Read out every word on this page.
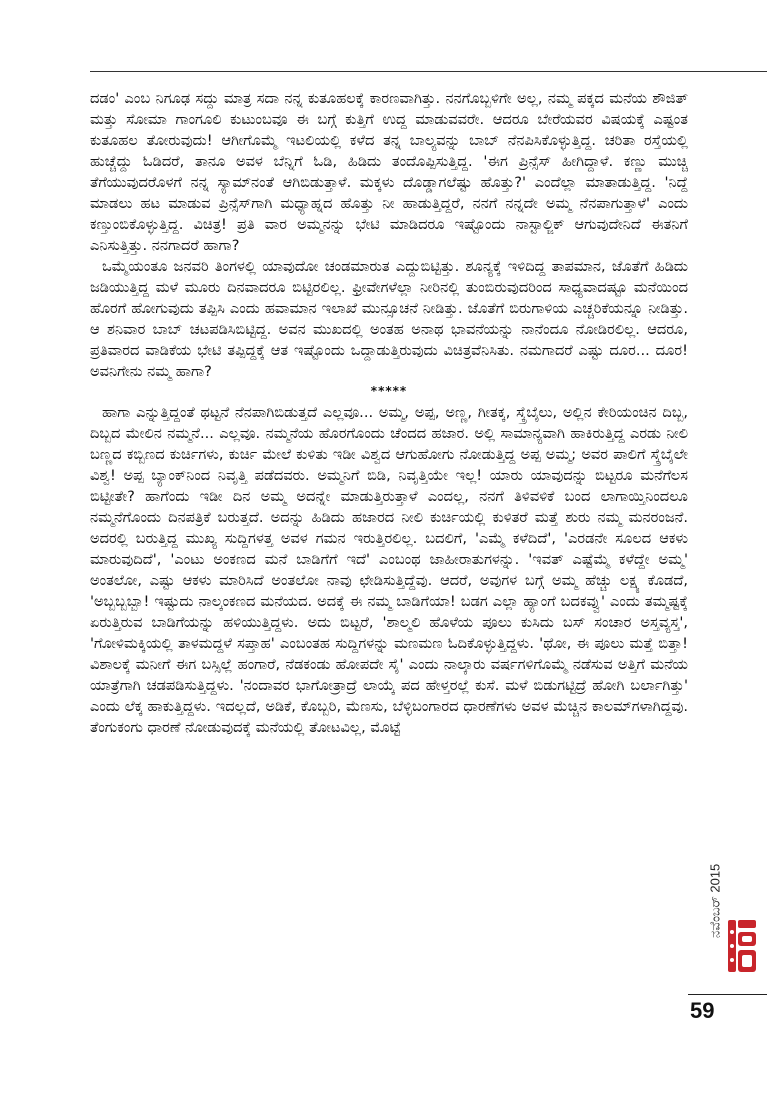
ದಡಂ' ಎಂಬ ನಿಗೂಢ ಸದ್ದು ಮಾತ್ರ ಸದಾ ನನ್ನ ಕುತೂಹಲಕ್ಕೆ ಕಾರಣವಾಗಿತ್ತು. ನನಗೊಬ್ಬಳಿಗೇ ಅಲ್ಲ, ನಮ್ಮ ಪಕ್ಕದ ಮನೆಯ ಶೌಜಿತ್ ಮತ್ತು ಸೋಮಾ ಗಾಂಗೂಲಿ ಕುಟುಂಬವೂ ಈ ಬಗ್ಗೆ ಕುತ್ತಿಗೆ ಉದ್ದ ಮಾಡುವವರೇ. ಆದರೂ ಬೇರೆಯವರ ವಿಷಯಕ್ಕೆ ಎಷ್ಟಂತ ಕುತೂಹಲ ತೋರುವುದು! ಆಗೀಗೊಮ್ಮೆ ಇಟಲಿಯಲ್ಲಿ ಕಳೆದ ತನ್ನ ಬಾಲ್ಯವನ್ನು ಬಾಬ್ ನೆನಪಿಸಿಕೊಳ್ಳುತ್ತಿದ್ದ. ಚರಿತಾ ರಸ್ತೆಯಲ್ಲಿ ಹುಚ್ಚೆದ್ದು ಓಡಿದರೆ, ತಾನೂ ಅವಳ ಬೆನ್ನಿಗೆ ಓಡಿ, ಹಿಡಿದು ತಂದೊಪ್ಪಿಸುತ್ತಿದ್ದ. 'ಈಗ ಪ್ರಿನ್ಸೆಸ್ ಹೀಗಿದ್ದಾಳೆ. ಕಣ್ಣು ಮುಚ್ಚಿ ತೆಗೆಯುವುದರೊಳಗೆ ನನ್ನ ಸ್ಯಾಮ್‌ನಂತೆ ಆಗಿಬಿಡುತ್ತಾಳೆ. ಮಕ್ಕಳು ದೊಡ್ಡಾಗಲೆಷ್ಟು ಹೊತ್ತು?' ಎಂದೆಲ್ಲಾ ಮಾತಾಡುತ್ತಿದ್ದ. 'ನಿದ್ದೆ ಮಾಡಲು ಹಟ ಮಾಡುವ ಪ್ರಿನ್ಸೆಸ್‌ಗಾಗಿ ಮಧ್ಯಾಹ್ನದ ಹೊತ್ತು ನೀ ಹಾಡುತ್ತಿದ್ದರೆ, ನನಗೆ ನನ್ನದೇ ಅಮ್ಮ ನೆನಪಾಗುತ್ತಾಳೆ' ಎಂದು ಕಣ್ತುಂಬಿಕೊಳ್ಳುತ್ತಿದ್ದ. ವಿಚಿತ್ರ! ಪ್ರತಿ ವಾರ ಅಮ್ಮನನ್ನು ಭೇಟಿ ಮಾಡಿದರೂ ಇಷ್ಟೊಂದು ನಾಸ್ಟಾಲ್ಜಿಕ್ ಆಗುವುದೇನಿದೆ ಈತನಿಗೆ ಎನಿಸುತ್ತಿತ್ತು. ನನಗಾದರೆ ಹಾಗಾ?

ಒಮ್ಮೆಯಂತೂ ಜನವರಿ ತಿಂಗಳಲ್ಲಿ ಯಾವುದೋ ಚಂಡಮಾರುತ ಎದ್ದುಬಿಟ್ಟಿತ್ತು. ಶೂನ್ಯಕ್ಕೆ ಇಳಿದಿದ್ದ ತಾಪಮಾನ, ಜೊತೆಗೆ ಹಿಡಿದು ಜಡಿಯುತ್ತಿದ್ದ ಮಳೆ ಮೂರು ದಿನವಾದರೂ ಬಿಟ್ಟಿರಲಿಲ್ಲ. ಫ್ರೀವೇಗಳೆಲ್ಲಾ ನೀರಿನಲ್ಲಿ ತುಂಬಿರುವುದರಿಂದ ಸಾಧ್ಯವಾದಷ್ಟೂ ಮನೆಯಿಂದ ಹೊರಗೆ ಹೋಗುವುದು ತಪ್ಪಿಸಿ ಎಂದು ಹವಾಮಾನ ಇಲಾಖೆ ಮುನ್ಸೂಚನೆ ನೀಡಿತ್ತು. ಜೊತೆಗೆ ಬಿರುಗಾಳಿಯ ಎಚ್ಚರಿಕೆಯನ್ನೂ ನೀಡಿತ್ತು. ಆ ಶನಿವಾರ ಬಾಬ್ ಚಟಪಡಿಸಿಬಿಟ್ಟಿದ್ದ. ಅವನ ಮುಖದಲ್ಲಿ ಅಂತಹ ಅನಾಥ ಭಾವನೆಯನ್ನು ನಾನೆಂದೂ ನೋಡಿರಲಿಲ್ಲ. ಆದರೂ, ಪ್ರತಿವಾರದ ವಾಡಿಕೆಯ ಭೇಟಿ ತಪ್ಪಿದ್ದಕ್ಕೆ ಆತ ಇಷ್ಟೊಂದು ಒದ್ದಾಡುತ್ತಿರುವುದು ವಿಚಿತ್ರವೆನಿಸಿತು. ನಮಗಾದರೆ ಎಷ್ಟು ದೂರ... ದೂರ! ಅವನಿಗೇನು ನಮ್ಮ ಹಾಗಾ?

*****

ಹಾಗಾ ಎನ್ನುತ್ತಿದ್ದಂತೆ ಥಟ್ಟನೆ ನೆನಪಾಗಿಬಿಡುತ್ತದೆ ಎಲ್ಲವೂ... ಅಮ್ಮ, ಅಪ್ಪ, ಅಣ್ಣ, ಗೀತಕ್ಕ, ಸ್ಕ್ರೆಬೈಲು, ಅಲ್ಲಿನ ಕೇರಿಯಂಚಿನ ದಿಬ್ಬ, ದಿಬ್ಬದ ಮೇಲಿನ ನಮ್ಮನೆ... ಎಲ್ಲವೂ. ನಮ್ಮನೆಯ ಹೊರಗೊಂದು ಚೆಂದದ ಹಜಾರ. ಅಲ್ಲಿ ಸಾಮಾನ್ಯವಾಗಿ ಹಾಕಿರುತ್ತಿದ್ದ ಎರಡು ನೀಲಿ ಬಣ್ಣದ ಕಬ್ಬಿಣದ ಕುರ್ಚಿಗಳು, ಕುರ್ಚಿ ಮೇಲೆ ಕುಳಿತು ಇಡೀ ವಿಶ್ವದ ಆಗುಹೋಗು ನೋಡುತ್ತಿದ್ದ ಅಪ್ಪ ಅಮ್ಮ; ಅವರ ಪಾಲಿಗೆ ಸ್ಕ್ರೆಬೈಲೇ ವಿಶ್ವ! ಅಪ್ಪ ಬ್ಯಾಂಕ್‌ನಿಂದ ನಿವೃತ್ತಿ ಪಡೆದವರು. ಅಮ್ಮನಿಗೆ ಬಿಡಿ, ನಿವೃತ್ತಿಯೇ ಇಲ್ಲ! ಯಾರು ಯಾವುದನ್ನು ಬಿಟ್ಟರೂ ಮನೆಗೆಲಸ ಬಿಟ್ಟೀತೇ? ಹಾಗೆಂದು ಇಡೀ ದಿನ ಅಮ್ಮ ಅದನ್ನೇ ಮಾಡುತ್ತಿರುತ್ತಾಳೆ ಎಂದಲ್ಲ, ನನಗೆ ತಿಳಿವಳಿಕೆ ಬಂದ ಲಾಗಾಯ್ತಿನಿಂದಲೂ ನಮ್ಮನೆಗೊಂದು ದಿನಪತ್ರಿಕೆ ಬರುತ್ತದೆ. ಅದನ್ನು ಹಿಡಿದು ಹಜಾರದ ನೀಲಿ ಕುರ್ಚಿಯಲ್ಲಿ ಕುಳಿತರೆ ಮತ್ತೆ ಶುರು ನಮ್ಮ ಮನರಂಜನೆ. ಅದರಲ್ಲಿ ಬರುತ್ತಿದ್ದ ಮುಖ್ಯ ಸುದ್ದಿಗಳತ್ತ ಅವಳ ಗಮನ ಇರುತ್ತಿರಲಿಲ್ಲ. ಬದಲಿಗೆ, 'ಎಮ್ಮೆ ಕಳೆದಿದೆ', 'ಎರಡನೇ ಸೂಲದ ಆಕಳು ಮಾರುವುದಿದೆ', 'ಎಂಟು ಅಂಕಣದ ಮನೆ ಬಾಡಿಗೆಗೆ ಇದೆ' ಎಂಬಂಥ ಜಾಹೀರಾತುಗಳನ್ನು. 'ಇವತ್ ಎಷ್ಟೆಮ್ಮೆ ಕಳೆದ್ದೇ ಅಮ್ಮ' ಅಂತಲೋ, ಎಷ್ಟು ಆಕಳು ಮಾರಿಸಿದೆ ಅಂತಲೋ ನಾವು ಛೇಡಿಸುತ್ತಿದ್ದೆವು. ಆದರೆ, ಅವುಗಳ ಬಗ್ಗೆ ಅಮ್ಮ ಹೆಚ್ಚು ಲಕ್ಷ್ಯ ಕೊಡದೆ, 'ಅಬ್ಬಬ್ಬಬ್ಬಾ! ಇಷ್ಟುದು ನಾಲ್ಕಂಕಣದ ಮನೆಯದ. ಅದಕ್ಕೆ ಈ ನಮ್ಮ ಬಾಡಿಗೆಯಾ! ಬಡಗ ಎಲ್ಲಾ ಹ್ಯಾಂಗೆ ಬದಕವ್ವು' ಎಂದು ತಮ್ಮಷ್ಟಕ್ಕೆ ಏರುತ್ತಿರುವ ಬಾಡಿಗೆಯನ್ನು ಹಳಿಯುತ್ತಿದ್ದಳು. ಅದು ಬಿಟ್ಟರೆ, 'ಶಾಲ್ಮಲಿ ಹೊಳೆಯ ಪೂಲು ಕುಸಿದು ಬಸ್ ಸಂಚಾರ ಅಸ್ತವ್ಯಸ್ತ', 'ಗೋಳಿಮಕ್ಕಿಯಲ್ಲಿ ತಾಳಮದ್ದಳೆ ಸಪ್ತಾಹ' ಎಂಬಂತಹ ಸುದ್ದಿಗಳನ್ನು ಮಣಮಣ ಓದಿಕೊಳ್ಳುತ್ತಿದ್ದಳು. 'ಥೋ, ಈ ಪೂಲು ಮತ್ತೆ ಬಿತ್ತಾ! ವಿಶಾಲಕ್ಕೆ ಮನೀಗೆ ಈಗ ಬಸ್ಸಿಲ್ಲೆ ಹಂಗಾರೆ, ನೆಡಕಂಡು ಹೋಪದೇ ಸೈ' ಎಂದು ನಾಲ್ಕಾರು ವರ್ಷಗಳಿಗೊಮ್ಮೆ ನಡೆಸುವ ಅತ್ತಿಗೆ ಮನೆಯ ಯಾತ್ರೆಗಾಗಿ ಚಡಪಡಿಸುತ್ತಿದ್ದಳು. 'ನಂದಾವರ ಭಾಗೋತ್ರಾದ್ರೆ ಲಾಯ್ಕೆ ಪದ ಹೇಳ್ತರಲ್ಲೆ ಕುಸೆ. ಮಳೆ ಬಿಡುಗಟ್ಟಿದ್ರೆ ಹೋಗಿ ಬರ್ಲಾಗಿತ್ತು' ಎಂದು ಲೆಕ್ಕ ಹಾಕುತ್ತಿದ್ದಳು. ಇದಲ್ಲದೆ, ಅಡಿಕೆ, ಕೊಬ್ಬರಿ, ಮೆಣಸು, ಬೆಳ್ಳಿಬಂಗಾರದ ಧಾರಣೆಗಳು ಅವಳ ಮೆಚ್ಚಿನ ಕಾಲಮ್‌ಗಳಾಗಿದ್ದವು. ತೆಂಗುಕಂಗು ಧಾರಣೆ ನೋಡುವುದಕ್ಕೆ ಮನೆಯಲ್ಲಿ ತೋಟವಿಲ್ಲ, ಮೊಟ್ಟೆ

ನವೆಂಬರ್ 2015
59
